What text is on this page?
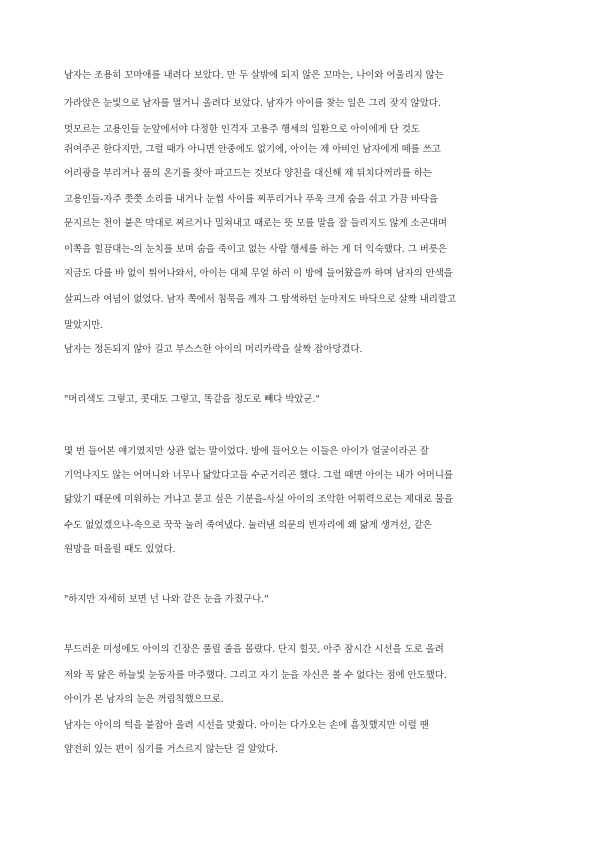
남자는 조용히 꼬마애를 내려다 보았다. 만 두 살밖에 되지 않은 꼬마는, 나이와 어울리지 않는
가라앉은 눈빛으로 남자를 멀거니 올려다 보았다. 남자가 아이를 찾는 일은 그리 잦지 않았다.
멋모르는 고용인들 눈앞에서야 다정한 인격자 고용주 행세의 일환으로 아이에게 단 것도
쥐여주곤 한다지만, 그럴 때가 아니면 안중에도 없기에, 아이는 제 아비인 남자에게 떼를 쓰고
어리광을 부리거나 품의 온기를 찾아 파고드는 것보다 양친을 대신해 제 뒤치다꺼리를 하는
고용인들-자주 쯧쯧 소리를 내거나 눈썹 사이를 찌푸리거나 푸욱 크게 숨을 쉬고 가끔 바닥을
문지르는 천이 붙은 막대로 찌르거나 밀쳐내고 때로는 뜻 모를 말을 잘 들리지도 않게 소곤대며
이쪽을 힐끔대는-의 눈치를 보며 숨을 죽이고 없는 사람 행세를 하는 게 더 익숙했다. 그 버릇은
지금도 다를 바 없이 튀어나와서, 아이는 대체 무얼 하러 이 방에 들어왔을까 하며 남자의 안색을
살피느라 여념이 없었다. 남자 쪽에서 침묵을 깨자 그 탐색하던 눈마저도 바닥으로 살짝 내리깔고
말았지만.
남자는 정돈되지 않아 길고 부스스한 아이의 머리카락을 살짝 잡아당겼다.
"머리색도 그렇고, 콧대도 그렇고, 똑같을 정도로 빼다 박았군."
몇 번 들어본 얘기였지만 상관 없는 말이었다. 방에 들어오는 이들은 아이가 얼굴이라곤 잘
기억나지도 않는 어머니와 너무나 닮았다고들 수군거리곤 했다. 그럴 때면 아이는 내가 어머니를
닮았기 때문에 미워하는 거냐고 묻고 싶은 기분을-사실 아이의 조악한 어휘력으로는 제대로 물을
수도 없었겠으나-속으로 꾹꾹 눌러 죽여냈다. 눌러낸 의문의 빈자리에 왜 닮게 생겨선, 같은
원망을 떠올릴 때도 있었다.
"하지만 자세히 보면 넌 나와 같은 눈을 가졌구나."
부드러운 미성에도 아이의 긴장은 풀릴 줄을 몰랐다. 단지 힐끗, 아주 잠시간 시선을 도로 올려
저와 꼭 닮은 하늘빛 눈동자를 마주했다. 그리고 자기 눈을 자신은 볼 수 없다는 점에 안도했다.
아이가 본 남자의 눈은 꺼림칙했으므로.
남자는 아이의 턱을 붙잡아 올려 시선을 맞췄다. 아이는 다가오는 손에 흠칫했지만 이럴 땐
얌전히 있는 편이 심기를 거스르지 않는단 걸 알았다.
